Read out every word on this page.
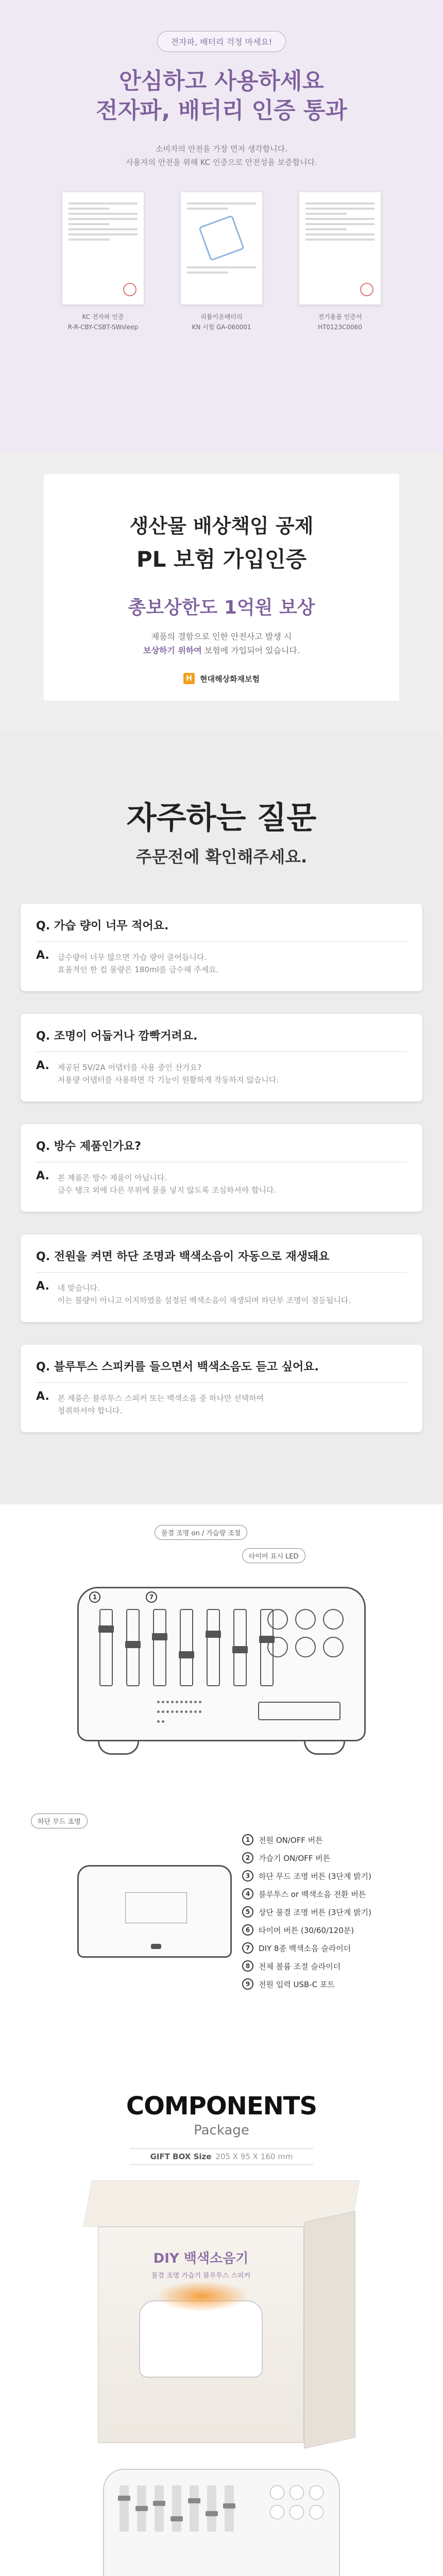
전자파, 배터리 걱정 마세요!
안심하고 사용하세요
전자파, 배터리 인증 통과
소비자의 안전을 가장 먼저 생각합니다.
사용자의 안전을 위해 KC 인증으로 안전성을 보증합니다.
KC 전자파 인증
R-R-CBY-CSBT-SWsleep
리튬이온배터리
KN 시험 GA-060001
전기용품 인증서
HT0123C0060
생산물 배상책임 공제
PL 보험 가입인증
총보상한도 1억원 보상
제품의 결함으로 인한 안전사고 발생 시
보상하기 위하여 보험에 가입되어 있습니다.
H	현대해상화재보험
자주하는 질문
주문전에 확인해주세요.
Q. 가습 량이 너무 적어요.
A. 급수량이 너무 많으면 가습 량이 줄어듭니다.
효율적인 한 컵 물량은 180ml를 급수해 주세요.
Q. 조명이 어둡거나 깜빡거려요.
A. 제공된 5V/2A 어댑터를 사용 중인 산가요?
저용량 어댑터를 사용하면 각 기능이 원활하게 작동하지 않습니다.
Q. 방수 제품인가요?
A. 본 제품은 방수 제품이 아닙니다.
급수 탱크 외에 다른 부위에 물을 넣지 않도록 조심하셔야 합니다.
Q. 전원을 켜면 하단 조명과 백색소음이 자동으로 재생돼요
A. 네 맞습니다.
이는 불량이 아니고 이지하였을 설정된 백색소음이 재생되며 하단부 조명이 점등됩니다.
Q. 블루투스 스피커를 들으면서 백색소음도 듣고 싶어요.
A. 본 제품은 블루투스 스피커 또는 백색소음 중 하나만 선택하여
청취하셔야 합니다.
물결 조명 on / 가습량 조절
타이머 표시 LED
7
1
하단 무드 조명
1	전원 ON/OFF 버튼
2	가습기 ON/OFF 버튼
3	하단 무드 조명 버튼 (3단계 밝기)
4	블루투스 or 백색소음 전환 버튼
5	상단 물결 조명 버튼 (3단계 밝기)
6	타이머 버튼 (30/60/120분)
7	DIY 8종 백색소음 슬라이더
8	전체 볼륨 조절 슬라이더
9	전원 입력 USB-C 포트
COMPONENTS
Package
GIFT BOX Size 205 X 95 X 160 mm
DIY 백색소음기
물결 조명 가습기 블루투스 스피커
